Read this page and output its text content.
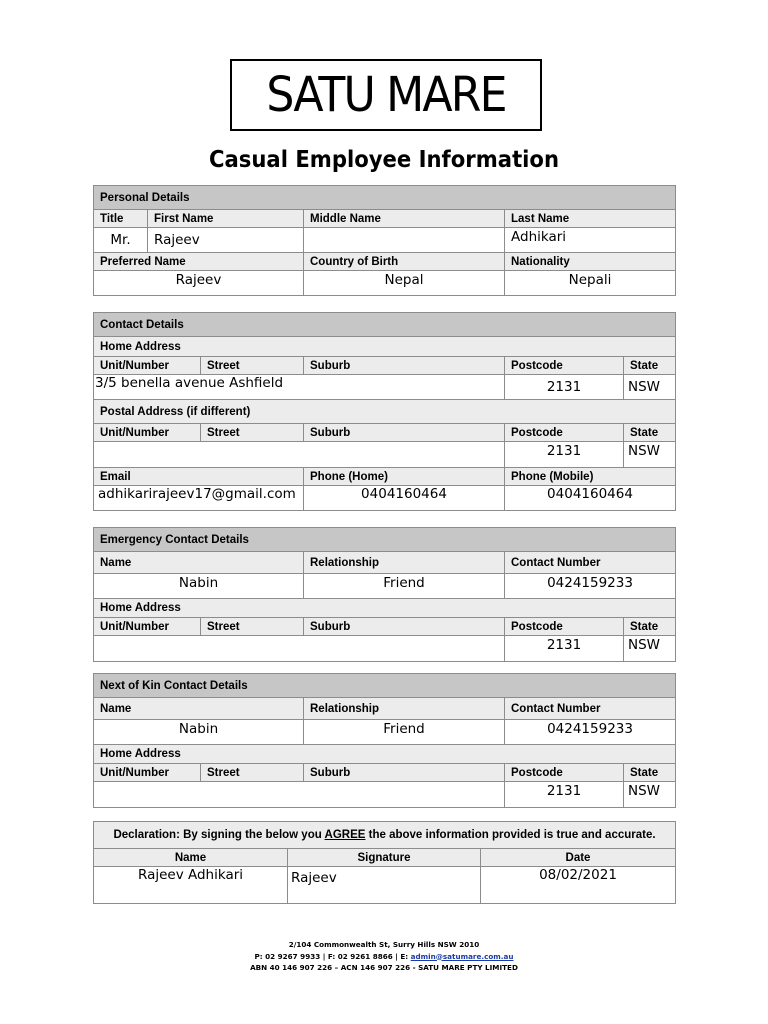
SATU MARE
Casual Employee Information
Personal Details			
Title	First Name	Middle Name	Last Name
Mr.	Rajeev		Adhikari
Preferred Name		Country of Birth	Nationality
Rajeev		Nepal	Nepali
Contact Details				
Home Address				
Unit/Number	Street	Suburb	Postcode	State
3/5 benella avenue Ashfield			2131	NSW
Postal Address (if different)				
Unit/Number	Street	Suburb	Postcode	State
			2131	NSW
Email		Phone (Home)	Phone (Mobile)	
adhikarirajeev17@gmail.com		0404160464	0404160464	
Emergency Contact Details				
Name		Relationship	Contact Number	
Nabin		Friend	0424159233	
Home Address				
Unit/Number	Street	Suburb	Postcode	State
			2131	NSW
Next of Kin Contact Details				
Name		Relationship	Contact Number	
Nabin		Friend	0424159233	
Home Address				
Unit/Number	Street	Suburb	Postcode	State
			2131	NSW
Declaration: By signing the below you AGREE the above information provided is true and accurate.		
Name	Signature	Date
Rajeev Adhikari	Rajeev	08/02/2021
2/104 Commonwealth St, Surry Hills NSW 2010
P: 02 9267 9933 | F: 02 9261 8866 | E: admin@satumare.com.au
ABN 40 146 907 226 – ACN 146 907 226 - SATU MARE PTY LIMITED
